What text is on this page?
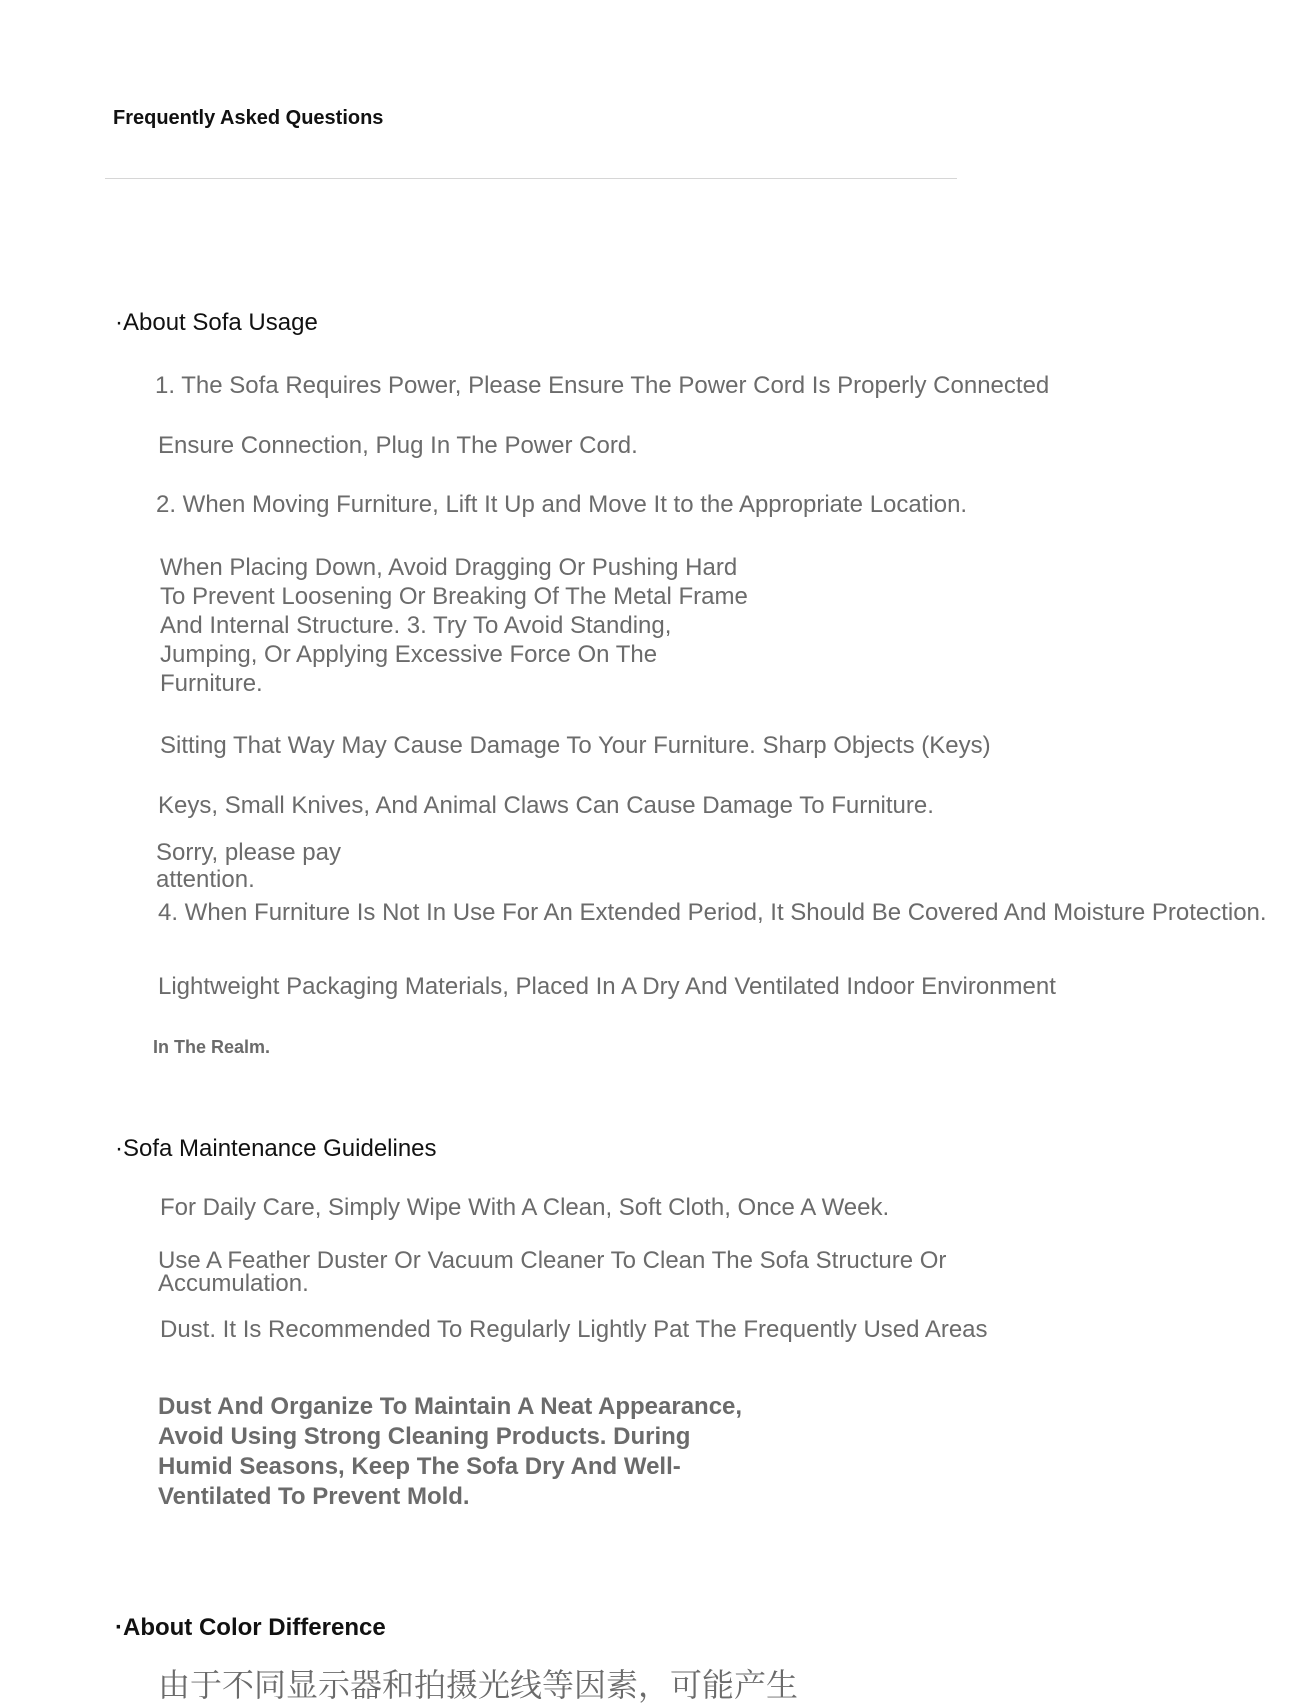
Frequently Asked Questions
·About Sofa Usage

1. The Sofa Requires Power, Please Ensure The Power Cord Is Properly Connected

Ensure Connection, Plug In The Power Cord.

2. When Moving Furniture, Lift It Up and Move It to the Appropriate Location.

When Placing Down, Avoid Dragging Or Pushing Hard To Prevent Loosening Or Breaking Of The Metal Frame And Internal Structure. 3. Try To Avoid Standing, Jumping, Or Applying Excessive Force On The Furniture.

Sitting That Way May Cause Damage To Your Furniture. Sharp Objects (Keys)

Keys, Small Knives, And Animal Claws Can Cause Damage To Furniture.

Sorry, please pay attention.

4. When Furniture Is Not In Use For An Extended Period, It Should Be Covered And Moisture Protection.

Lightweight Packaging Materials, Placed In A Dry And Ventilated Indoor Environment

In The Realm.

·Sofa Maintenance Guidelines

For Daily Care, Simply Wipe With A Clean, Soft Cloth, Once A Week.

Use A Feather Duster Or Vacuum Cleaner To Clean The Sofa Structure Or Accumulation.

Dust. It Is Recommended To Regularly Lightly Pat The Frequently Used Areas

Dust And Organize To Maintain A Neat Appearance, Avoid Using Strong Cleaning Products. During Humid Seasons, Keep The Sofa Dry And Well-Ventilated To Prevent Mold.

·About Color Difference

由于不同显示器和拍摄光线等因素，可能产生
